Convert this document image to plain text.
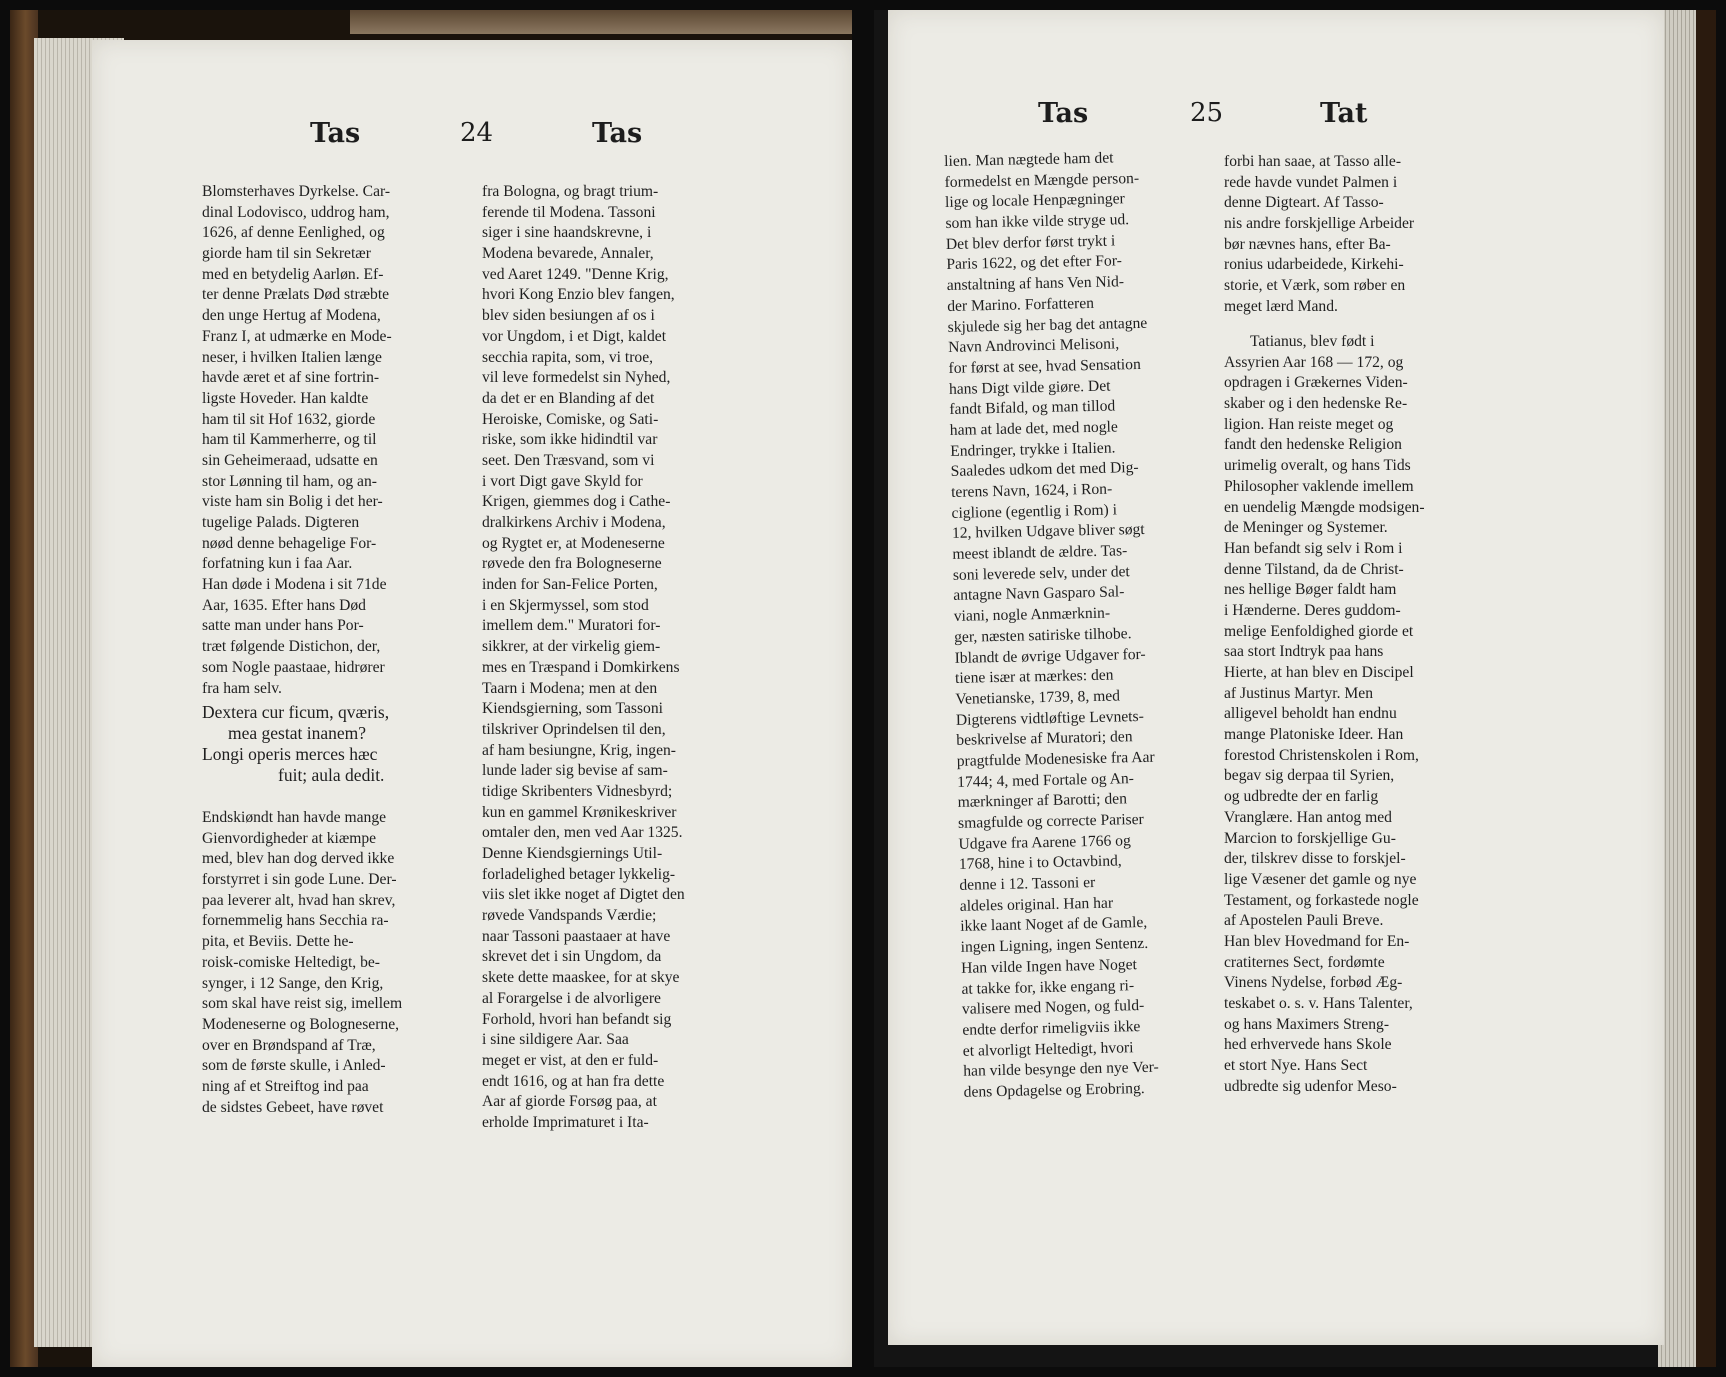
Tas	24	Tas
Blomsterhaves Dyrkelse. Car-
dinal Lodovisco, uddrog ham,
1626, af denne Eenlighed, og
giorde ham til sin Sekretær
med en betydelig Aarløn. Ef-
ter denne Prælats Død stræbte
den unge Hertug af Modena,
Franz I, at udmærke en Mode-
neser, i hvilken Italien længe
havde æret et af sine fortrin-
ligste Hoveder. Han kaldte
ham til sit Hof 1632, giorde
ham til Kammerherre, og til
sin Geheimeraad, udsatte en
stor Lønning til ham, og an-
viste ham sin Bolig i det her-
tugelige Palads. Digteren
nøød denne behagelige For-
forfatning kun i faa Aar.
Han døde i Modena i sit 71de
Aar, 1635. Efter hans Død
satte man under hans Por-
træt følgende Distichon, der,
som Nogle paastaae, hidrører
fra ham selv.
Dextera cur ficum, qværis,
mea gestat inanem?
Longi operis merces hæc
fuit; aula dedit.
Endskiøndt han havde mange
Gienvordigheder at kiæmpe
med, blev han dog derved ikke
forstyrret i sin gode Lune. Der-
paa leverer alt, hvad han skrev,
fornemmelig hans Secchia ra-
pita, et Beviis. Dette he-
roisk-comiske Heltedigt, be-
synger, i 12 Sange, den Krig,
som skal have reist sig, imellem
Modeneserne og Bologneserne,
over en Brøndspand af Træ,
som de første skulle, i Anled-
ning af et Streiftog ind paa
de sidstes Gebeet, have røvet
fra Bologna, og bragt trium-
ferende til Modena. Tassoni
siger i sine haandskrevne, i
Modena bevarede, Annaler,
ved Aaret 1249. "Denne Krig,
hvori Kong Enzio blev fangen,
blev siden besiungen af os i
vor Ungdom, i et Digt, kaldet
secchia rapita, som, vi troe,
vil leve formedelst sin Nyhed,
da det er en Blanding af det
Heroiske, Comiske, og Sati-
riske, som ikke hidindtil var
seet. Den Træsvand, som vi
i vort Digt gave Skyld for
Krigen, giemmes dog i Cathe-
dralkirkens Archiv i Modena,
og Rygtet er, at Modeneserne
røvede den fra Bologneserne
inden for San-Felice Porten,
i en Skjermyssel, som stod
imellem dem." Muratori for-
sikkrer, at der virkelig giem-
mes en Træspand i Domkirkens
Taarn i Modena; men at den
Kiendsgierning, som Tassoni
tilskriver Oprindelsen til den,
af ham besiungne, Krig, ingen-
lunde lader sig bevise af sam-
tidige Skribenters Vidnesbyrd;
kun en gammel Krønikeskriver
omtaler den, men ved Aar 1325.
Denne Kiendsgiernings Util-
forladelighed betager lykkelig-
viis slet ikke noget af Digtet den
røvede Vandspands Værdie;
naar Tassoni paastaaer at have
skrevet det i sin Ungdom, da
skete dette maaskee, for at skye
al Forargelse i de alvorligere
Forhold, hvori han befandt sig
i sine sildigere Aar. Saa
meget er vist, at den er fuld-
endt 1616, og at han fra dette
Aar af giorde Forsøg paa, at
erholde Imprimaturet i Ita-
Tas	25	Tat
lien. Man nægtede ham det
formedelst en Mængde person-
lige og locale Henpægninger
som han ikke vilde stryge ud.
Det blev derfor først trykt i
Paris 1622, og det efter For-
anstaltning af hans Ven Nid-
der Marino. Forfatteren
skjulede sig her bag det antagne
Navn Androvinci Melisoni,
for først at see, hvad Sensation
hans Digt vilde giøre. Det
fandt Bifald, og man tillod
ham at lade det, med nogle
Endringer, trykke i Italien.
Saaledes udkom det med Dig-
terens Navn, 1624, i Ron-
ciglione (egentlig i Rom) i
12, hvilken Udgave bliver søgt
meest iblandt de ældre. Tas-
soni leverede selv, under det
antagne Navn Gasparo Sal-
viani, nogle Anmærknin-
ger, næsten satiriske tilhobe.
Iblandt de øvrige Udgaver for-
tiene især at mærkes: den
Venetianske, 1739, 8, med
Digterens vidtløftige Levnets-
beskrivelse af Muratori; den
pragtfulde Modenesiske fra Aar
1744; 4, med Fortale og An-
mærkninger af Barotti; den
smagfulde og correcte Pariser
Udgave fra Aarene 1766 og
1768, hine i to Octavbind,
denne i 12. Tassoni er
aldeles original. Han har
ikke laant Noget af de Gamle,
ingen Ligning, ingen Sentenz.
Han vilde Ingen have Noget
at takke for, ikke engang ri-
valisere med Nogen, og fuld-
endte derfor rimeligviis ikke
et alvorligt Heltedigt, hvori
han vilde besynge den nye Ver-
dens Opdagelse og Erobring.
forbi han saae, at Tasso alle-
rede havde vundet Palmen i
denne Digteart. Af Tasso-
nis andre forskjellige Arbeider
bør nævnes hans, efter Ba-
ronius udarbeidede, Kirkehi-
storie, et Værk, som røber en
meget lærd Mand.
Tatianus, blev født i
Assyrien Aar 168 — 172, og
opdragen i Grækernes Viden-
skaber og i den hedenske Re-
ligion. Han reiste meget og
fandt den hedenske Religion
urimelig overalt, og hans Tids
Philosopher vaklende imellem
en uendelig Mængde modsigen-
de Meninger og Systemer.
Han befandt sig selv i Rom i
denne Tilstand, da de Christ-
nes hellige Bøger faldt ham
i Hænderne. Deres guddom-
melige Eenfoldighed giorde et
saa stort Indtryk paa hans
Hierte, at han blev en Discipel
af Justinus Martyr. Men
alligevel beholdt han endnu
mange Platoniske Ideer. Han
forestod Christenskolen i Rom,
begav sig derpaa til Syrien,
og udbredte der en farlig
Vranglære. Han antog med
Marcion to forskjellige Gu-
der, tilskrev disse to forskjel-
lige Væsener det gamle og nye
Testament, og forkastede nogle
af Apostelen Pauli Breve.
Han blev Hovedmand for En-
cratiternes Sect, fordømte
Vinens Nydelse, forbød Æg-
teskabet o. s. v. Hans Talenter,
og hans Maximers Streng-
hed erhvervede hans Skole
et stort Nye. Hans Sect
udbredte sig udenfor Meso-
